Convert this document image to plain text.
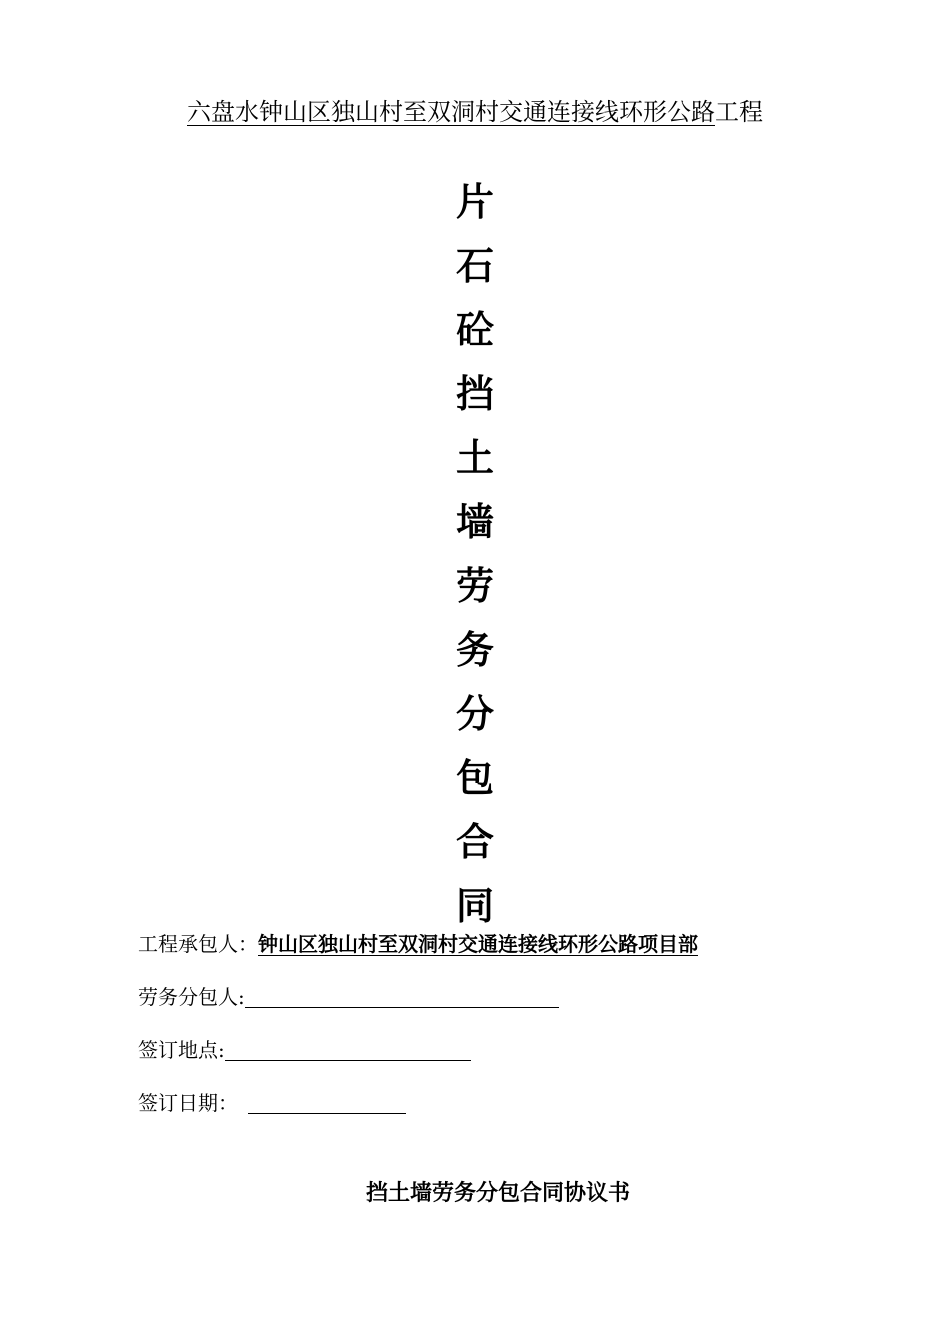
六盘水钟山区独山村至双洞村交通连接线环形公路工程
片
石
砼
挡
土
墙
劳
务
分
包
合
同
工程承包人：钟山区独山村至双洞村交通连接线环形公路项目部
劳务分包人:
签订地点:
签订日期：
挡土墙劳务分包合同协议书
